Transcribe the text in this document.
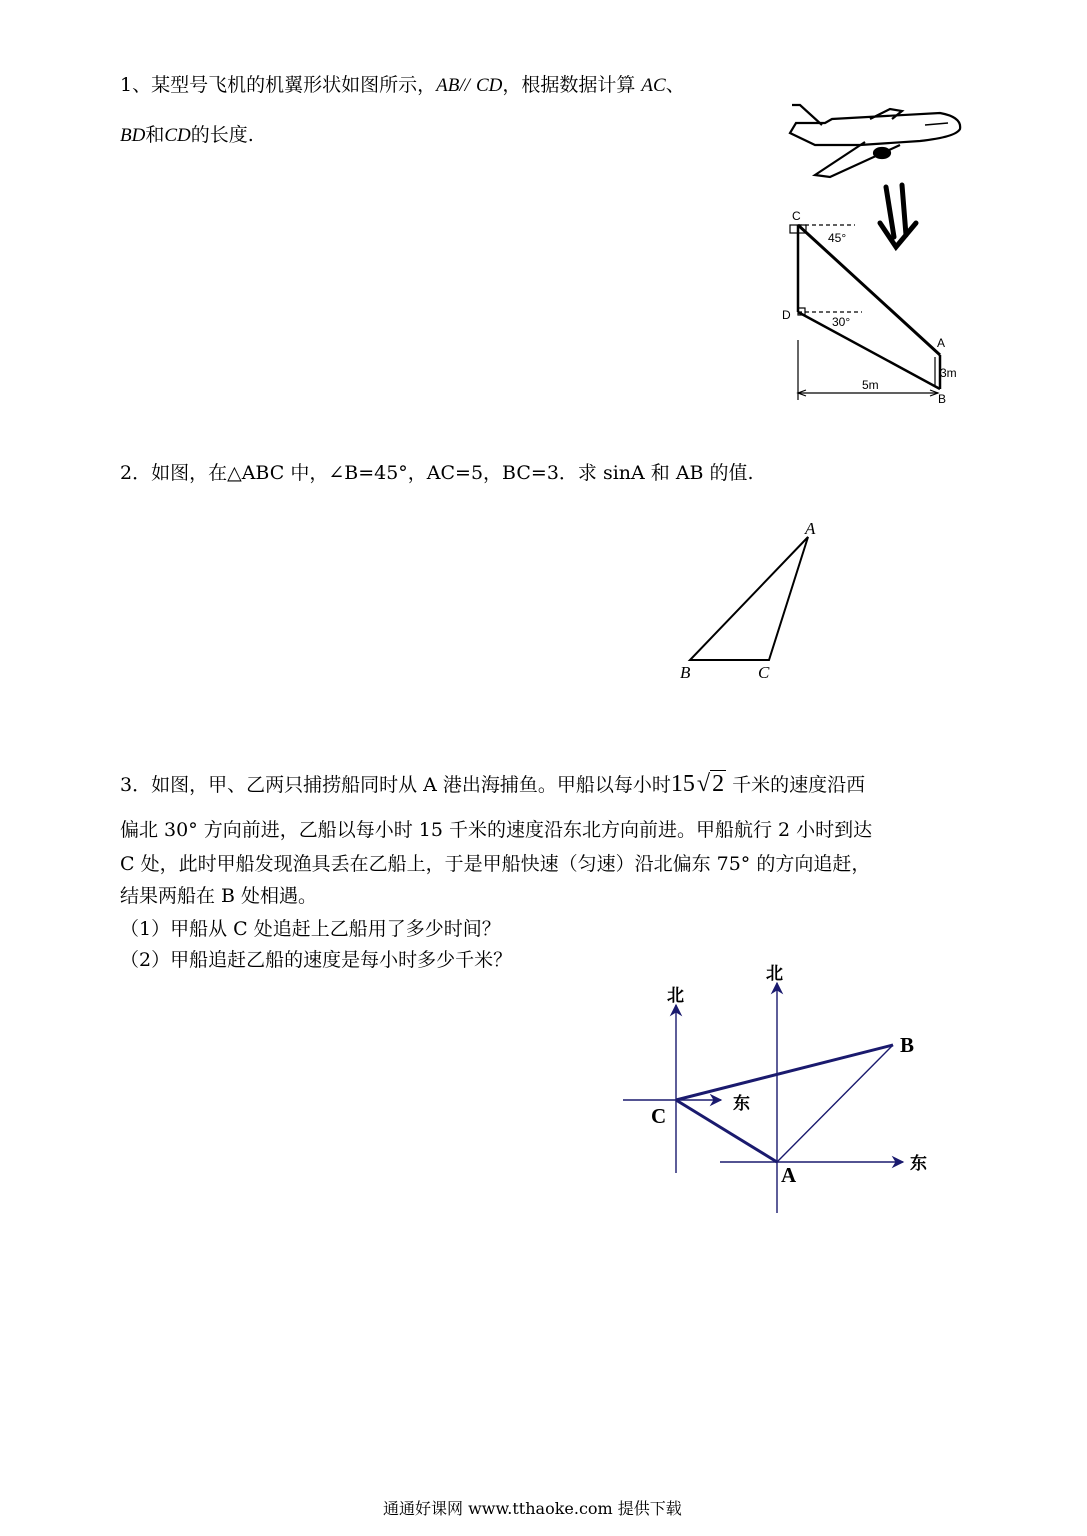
1、某型号飞机的机翼形状如图所示，AB// CD，根据数据计算 AC、
BD和CD的长度.
C
D
A
B
45°
30°
3m
5m
2．如图，在△ABC 中，∠B=45°，AC=5，BC=3．求 sinA 和 AB 的值.
A
B	C
3．如图，甲、乙两只捕捞船同时从 A 港出海捕鱼。甲船以每小时15√2 千米的速度沿西
偏北 30° 方向前进，乙船以每小时 15 千米的速度沿东北方向前进。甲船航行 2 小时到达
C 处，此时甲船发现渔具丢在乙船上，于是甲船快速（匀速）沿北偏东 75° 的方向追赶，
结果两船在 B 处相遇。
（1）甲船从 C 处追赶上乙船用了多少时间？
（2）甲船追赶乙船的速度是每小时多少千米？
北
北
东
东
C
A
B
通通好课网 www.tthaoke.com 提供下载
